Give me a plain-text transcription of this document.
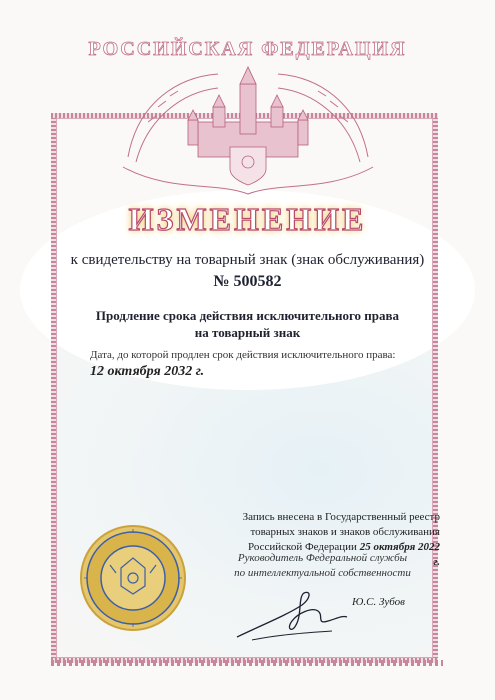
РОССИЙСКАЯ ФЕДЕРАЦИЯ
ИЗМЕНЕНИЕ
к свидетельству на товарный знак (знак обслуживания)
№ 500582
Продление срока действия исключительного права
на товарный знак
Дата, до которой продлен срок действия исключительного права:
12 октября 2032 г.
Запись внесена в Государственный реестр
товарных знаков и знаков обслуживания
Российской Федерации 25 октября 2022 г.
Руководитель Федеральной службы
по интеллектуальной собственности
Ю.С. Зубов
